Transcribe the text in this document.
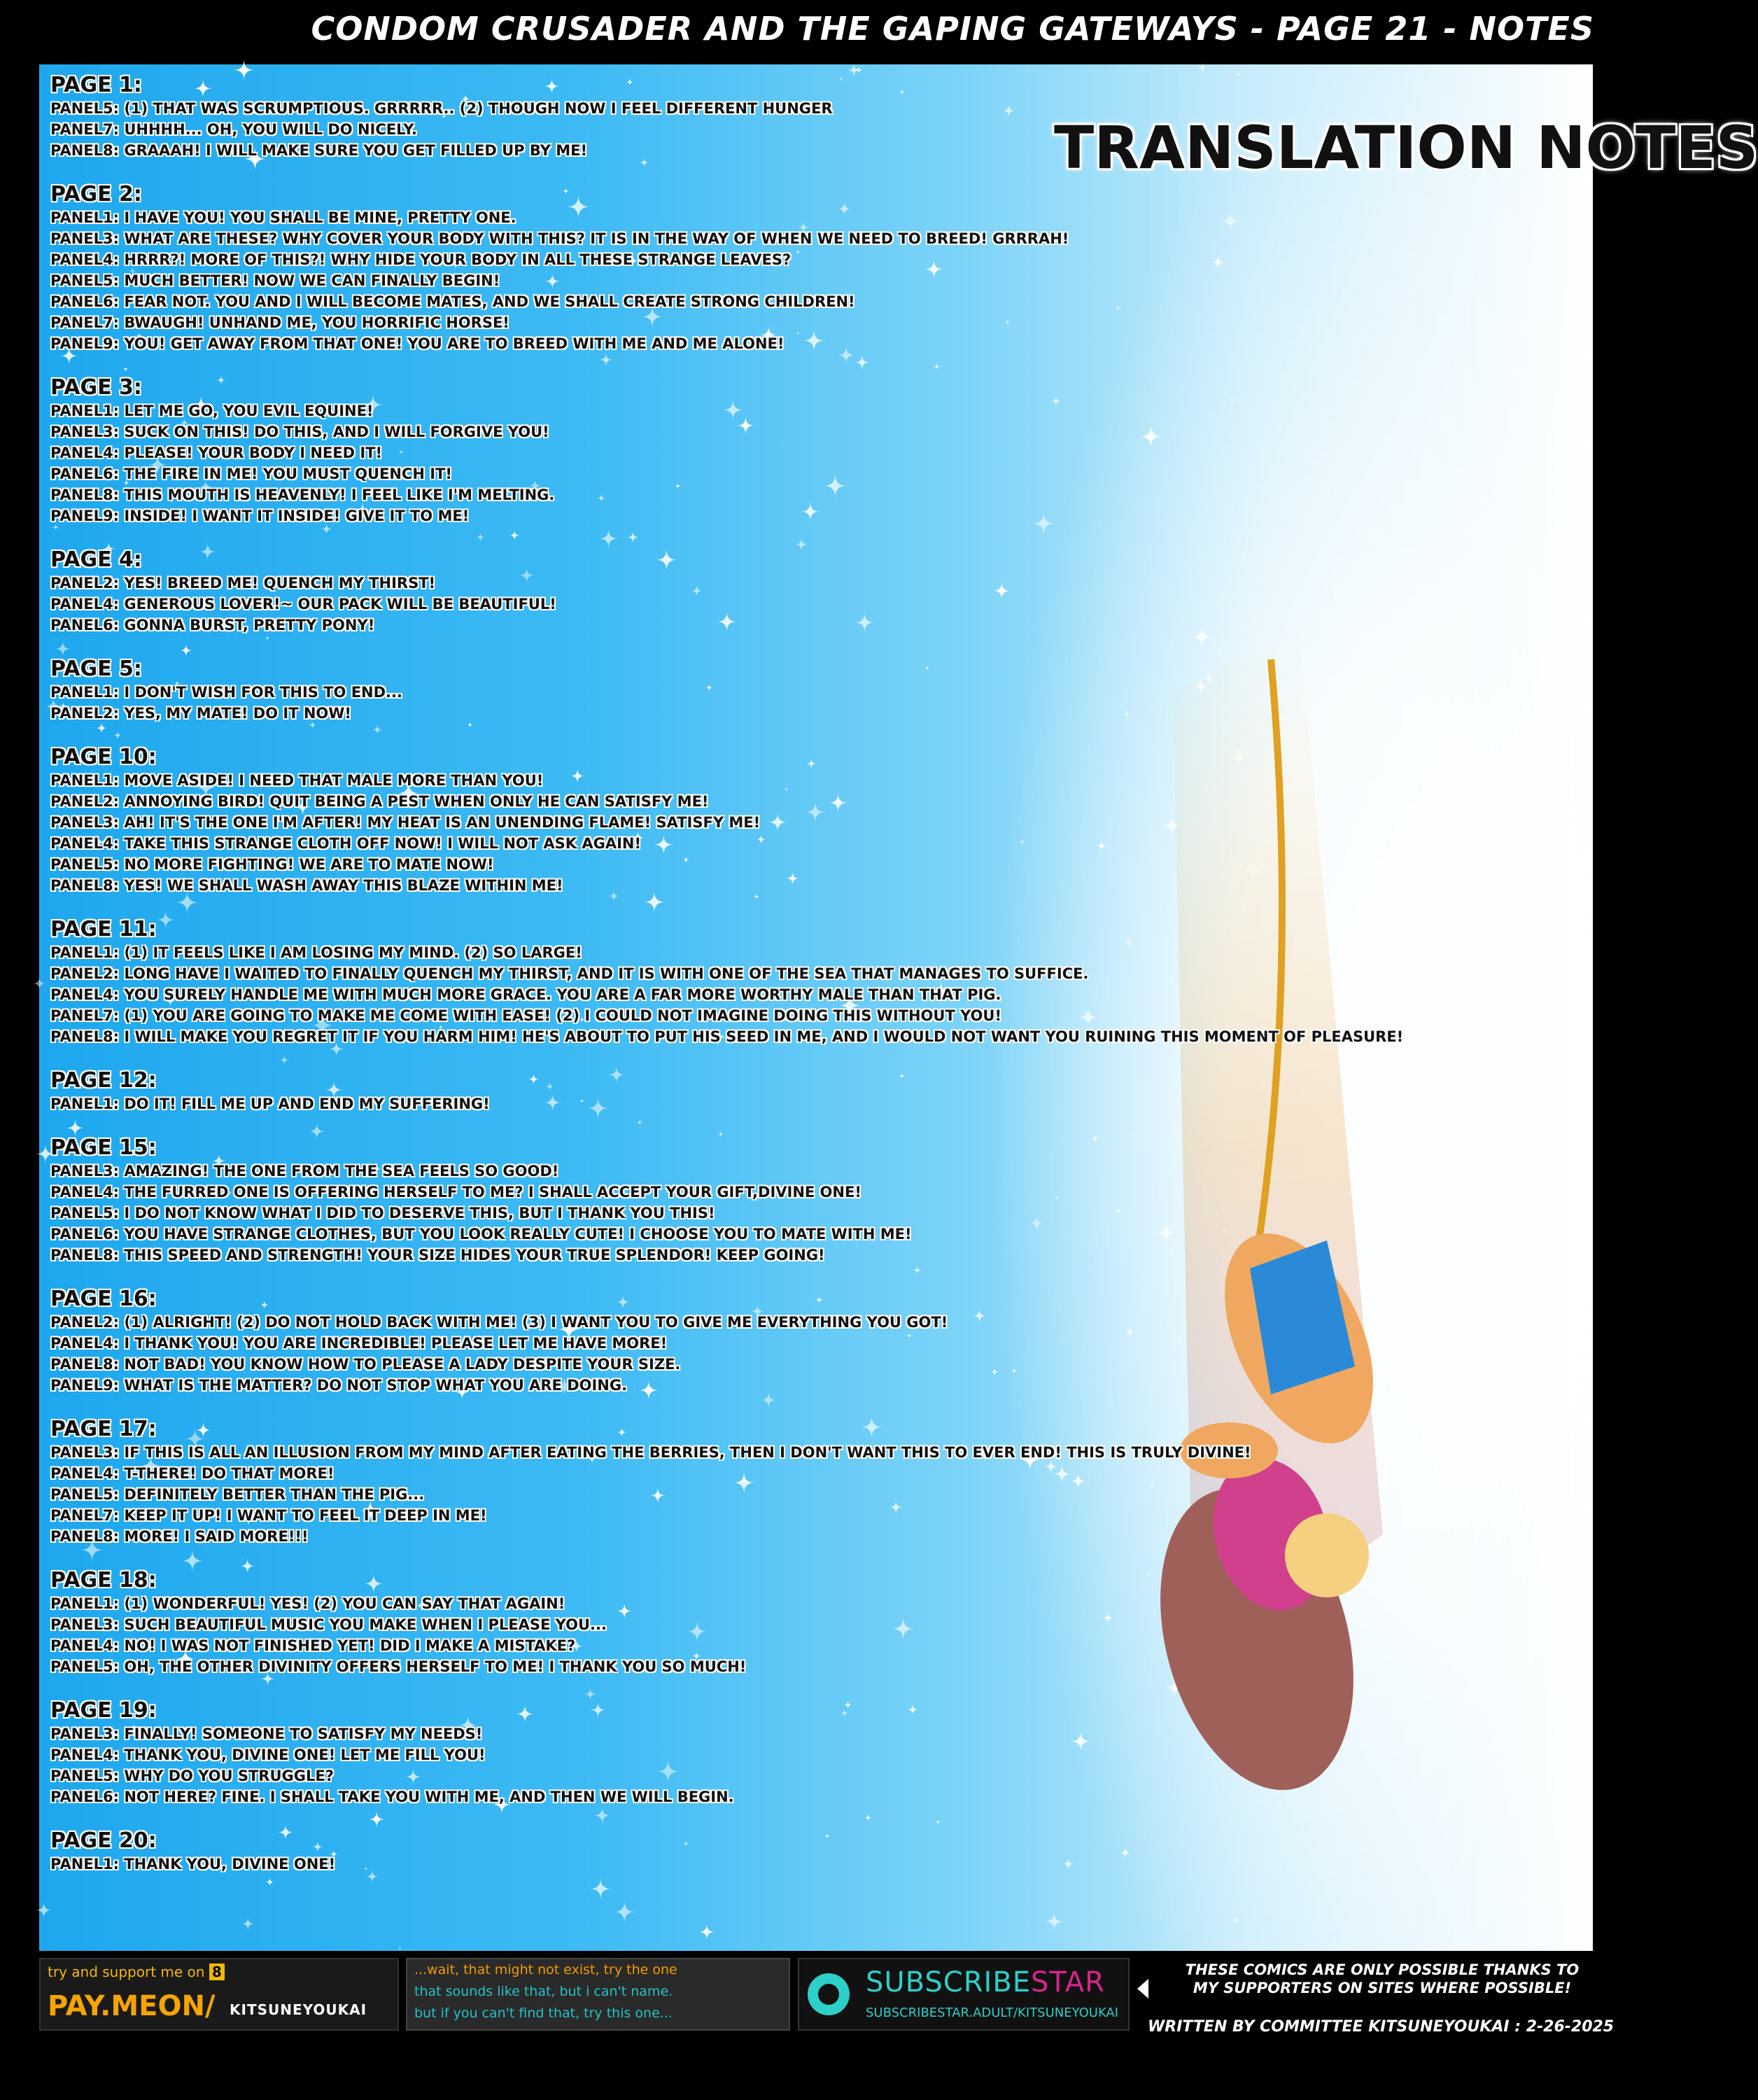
CONDOM CRUSADER AND THE GAPING GATEWAYS - PAGE 21 - NOTES
TRANSLATION NOTES
PAGE 1:
PANEL5: (1) THAT WAS SCRUMPTIOUS. GRRRRR.. (2) THOUGH NOW I FEEL DIFFERENT HUNGER
PANEL7: UHHHH... OH, YOU WILL DO NICELY.
PANEL8: GRAAAH! I WILL MAKE SURE YOU GET FILLED UP BY ME!
PAGE 2:
PANEL1: I HAVE YOU! YOU SHALL BE MINE, PRETTY ONE.
PANEL3: WHAT ARE THESE? WHY COVER YOUR BODY WITH THIS? IT IS IN THE WAY OF WHEN WE NEED TO BREED! GRRRAH!
PANEL4: HRRR?! MORE OF THIS?! WHY HIDE YOUR BODY IN ALL THESE STRANGE LEAVES?
PANEL5: MUCH BETTER! NOW WE CAN FINALLY BEGIN!
PANEL6: FEAR NOT. YOU AND I WILL BECOME MATES, AND WE SHALL CREATE STRONG CHILDREN!
PANEL7: BWAUGH! UNHAND ME, YOU HORRIFIC HORSE!
PANEL9: YOU! GET AWAY FROM THAT ONE! YOU ARE TO BREED WITH ME AND ME ALONE!
PAGE 3:
PANEL1: LET ME GO, YOU EVIL EQUINE!
PANEL3: SUCK ON THIS! DO THIS, AND I WILL FORGIVE YOU!
PANEL4: PLEASE! YOUR BODY I NEED IT!
PANEL6: THE FIRE IN ME! YOU MUST QUENCH IT!
PANEL8: THIS MOUTH IS HEAVENLY! I FEEL LIKE I'M MELTING.
PANEL9: INSIDE! I WANT IT INSIDE! GIVE IT TO ME!
PAGE 4:
PANEL2: YES! BREED ME! QUENCH MY THIRST!
PANEL4: GENEROUS LOVER!~ OUR PACK WILL BE BEAUTIFUL!
PANEL6: GONNA BURST, PRETTY PONY!
PAGE 5:
PANEL1: I DON'T WISH FOR THIS TO END...
PANEL2: YES, MY MATE! DO IT NOW!
PAGE 10:
PANEL1: MOVE ASIDE! I NEED THAT MALE MORE THAN YOU!
PANEL2: ANNOYING BIRD! QUIT BEING A PEST WHEN ONLY HE CAN SATISFY ME!
PANEL3: AH! IT'S THE ONE I'M AFTER! MY HEAT IS AN UNENDING FLAME! SATISFY ME!
PANEL4: TAKE THIS STRANGE CLOTH OFF NOW! I WILL NOT ASK AGAIN!
PANEL5: NO MORE FIGHTING! WE ARE TO MATE NOW!
PANEL8: YES! WE SHALL WASH AWAY THIS BLAZE WITHIN ME!
PAGE 11:
PANEL1: (1) IT FEELS LIKE I AM LOSING MY MIND. (2) SO LARGE!
PANEL2: LONG HAVE I WAITED TO FINALLY QUENCH MY THIRST, AND IT IS WITH ONE OF THE SEA THAT MANAGES TO SUFFICE.
PANEL4: YOU SURELY HANDLE ME WITH MUCH MORE GRACE. YOU ARE A FAR MORE WORTHY MALE THAN THAT PIG.
PANEL7: (1) YOU ARE GOING TO MAKE ME COME WITH EASE! (2) I COULD NOT IMAGINE DOING THIS WITHOUT YOU!
PANEL8: I WILL MAKE YOU REGRET IT IF YOU HARM HIM! HE'S ABOUT TO PUT HIS SEED IN ME, AND I WOULD NOT WANT YOU RUINING THIS MOMENT OF PLEASURE!
PAGE 12:
PANEL1: DO IT! FILL ME UP AND END MY SUFFERING!
PAGE 15:
PANEL3: AMAZING! THE ONE FROM THE SEA FEELS SO GOOD!
PANEL4: THE FURRED ONE IS OFFERING HERSELF TO ME? I SHALL ACCEPT YOUR GIFT,DIVINE ONE!
PANEL5: I DO NOT KNOW WHAT I DID TO DESERVE THIS, BUT I THANK YOU THIS!
PANEL6: YOU HAVE STRANGE CLOTHES, BUT YOU LOOK REALLY CUTE! I CHOOSE YOU TO MATE WITH ME!
PANEL8: THIS SPEED AND STRENGTH! YOUR SIZE HIDES YOUR TRUE SPLENDOR! KEEP GOING!
PAGE 16:
PANEL2: (1) ALRIGHT! (2) DO NOT HOLD BACK WITH ME! (3) I WANT YOU TO GIVE ME EVERYTHING YOU GOT!
PANEL4: I THANK YOU! YOU ARE INCREDIBLE! PLEASE LET ME HAVE MORE!
PANEL8: NOT BAD! YOU KNOW HOW TO PLEASE A LADY DESPITE YOUR SIZE.
PANEL9: WHAT IS THE MATTER? DO NOT STOP WHAT YOU ARE DOING.
PAGE 17:
PANEL3: IF THIS IS ALL AN ILLUSION FROM MY MIND AFTER EATING THE BERRIES, THEN I DON'T WANT THIS TO EVER END! THIS IS TRULY DIVINE!
PANEL4: T-THERE! DO THAT MORE!
PANEL5: DEFINITELY BETTER THAN THE PIG...
PANEL7: KEEP IT UP! I WANT TO FEEL IT DEEP IN ME!
PANEL8: MORE! I SAID MORE!!!
PAGE 18:
PANEL1: (1) WONDERFUL! YES! (2) YOU CAN SAY THAT AGAIN!
PANEL3: SUCH BEAUTIFUL MUSIC YOU MAKE WHEN I PLEASE YOU...
PANEL4: NO! I WAS NOT FINISHED YET! DID I MAKE A MISTAKE?
PANEL5: OH, THE OTHER DIVINITY OFFERS HERSELF TO ME! I THANK YOU SO MUCH!
PAGE 19:
PANEL3: FINALLY! SOMEONE TO SATISFY MY NEEDS!
PANEL4: THANK YOU, DIVINE ONE! LET ME FILL YOU!
PANEL5: WHY DO YOU STRUGGLE?
PANEL6: NOT HERE? FINE. I SHALL TAKE YOU WITH ME, AND THEN WE WILL BEGIN.
PAGE 20:
PANEL1: THANK YOU, DIVINE ONE!
try and support me on 8
PAY.MEON/ KITSUNEYOUKAI
...wait, that might not exist, try the one
that sounds like that, but i can't name.
but if you can't find that, try this one...
SUBSCRIBESTAR
SUBSCRIBESTAR.ADULT/KITSUNEYOUKAI
THESE COMICS ARE ONLY POSSIBLE THANKS TO
MY SUPPORTERS ON SITES WHERE POSSIBLE!
WRITTEN BY COMMITTEE KITSUNEYOUKAI : 2-26-2025
